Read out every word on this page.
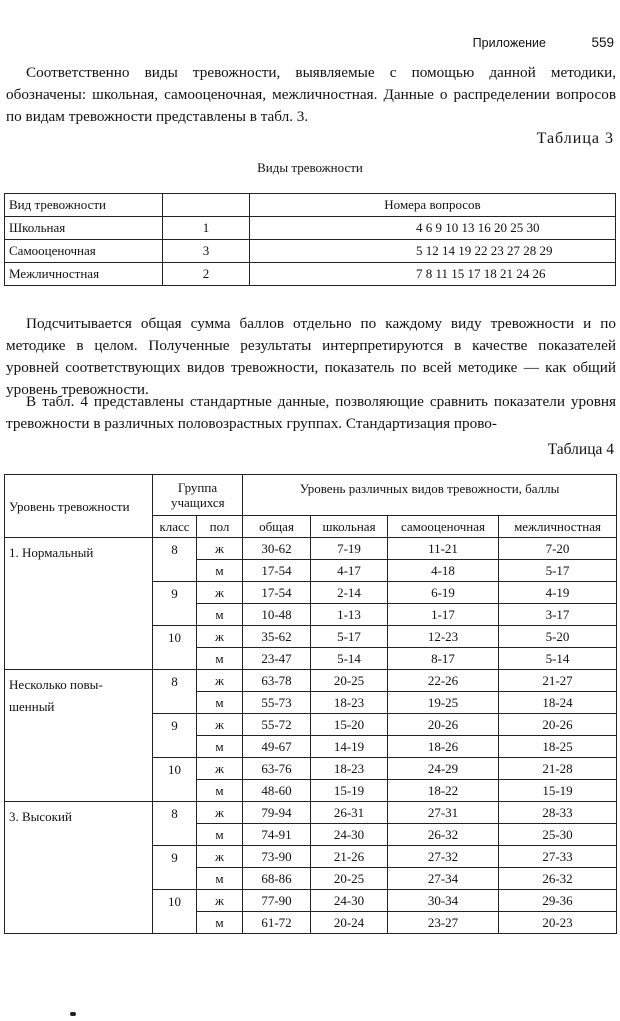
Приложение	559

Соответственно виды тревожности, выявляемые с помощью данной методики, обозначены: школьная, самооценочная, межличностная. Данные о распределении вопросов по видам тревожности представлены в табл. 3.

Таблица 3
Виды тревожности
Вид тревожности		Номера вопросов
Школьная	1	4 6 9 10 13 16 20 25 30
Самооценочная	3	5 12 14 19 22 23 27 28 29
Межличностная	2	7 8 11 15 17 18 21 24 26

Подсчитывается общая сумма баллов отдельно по каждому виду тревожности и по методике в целом. Полученные результаты интерпретируются в качестве показателей уровней соответствующих видов тревожности, показатель по всей методике — как общий уровень тревожности.

В табл. 4 представлены стандартные данные, позволяющие сравнить показатели уровня тревожности в различных половозрастных группах. Стандартизация прово-

Таблица 4
Уровень тревожности	Группа учащихся		Уровень различных видов тревожности, баллы			
	класс	пол	общая	школьная	самооценочная	межличностная
1. Нормальный	8	ж	30-62	7-19	11-21	7-20
		м	17-54	4-17	4-18	5-17
	9	ж	17-54	2-14	6-19	4-19
		м	10-48	1-13	1-17	3-17
	10	ж	35-62	5-17	12-23	5-20
		м	23-47	5-14	8-17	5-14
Несколько повы-шенный	8	ж	63-78	20-25	22-26	21-27
		м	55-73	18-23	19-25	18-24
	9	ж	55-72	15-20	20-26	20-26
		м	49-67	14-19	18-26	18-25
	10	ж	63-76	18-23	24-29	21-28
		м	48-60	15-19	18-22	15-19
3. Высокий	8	ж	79-94	26-31	27-31	28-33
		м	74-91	24-30	26-32	25-30
	9	ж	73-90	21-26	27-32	27-33
		м	68-86	20-25	27-34	26-32
	10	ж	77-90	24-30	30-34	29-36
		м	61-72	20-24	23-27	20-23
